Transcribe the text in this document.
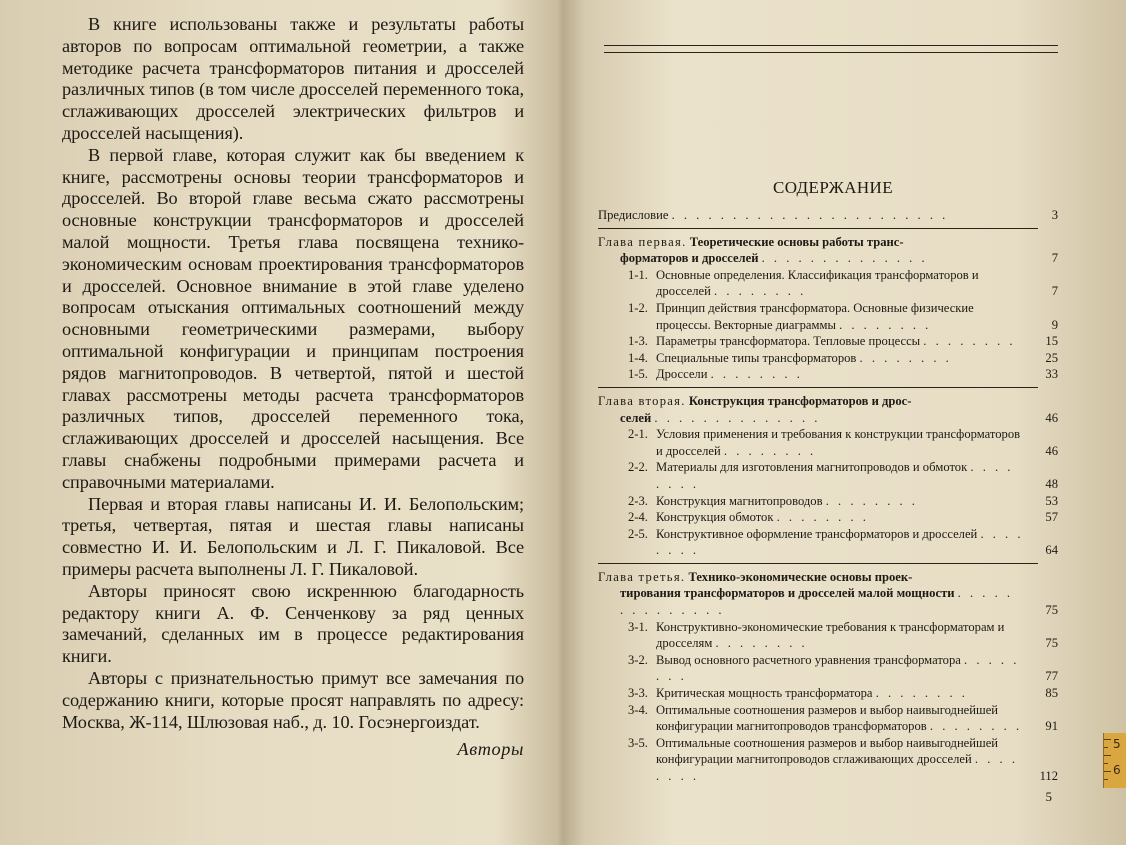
В книге использованы также и результаты работы авторов по вопросам оптимальной геометрии, а также методике расчета трансформаторов питания и дросселей различных типов (в том числе дросселей переменного тока, сглаживающих дросселей электрических фильтров и дросселей насыщения).

В первой главе, которая служит как бы введением к книге, рассмотрены основы теории трансформаторов и дросселей. Во второй главе весьма сжато рассмотрены основные конструкции трансформаторов и дросселей малой мощности. Третья глава посвящена технико-экономическим основам проектирования трансформаторов и дросселей. Основное внимание в этой главе уделено вопросам отыскания оптимальных соотношений между основными геометрическими размерами, выбору оптимальной конфигурации и принципам построения рядов магнитопроводов. В четвертой, пятой и шестой главах рассмотрены методы расчета трансформаторов различных типов, дросселей переменного тока, сглаживающих дросселей и дросселей насыщения. Все главы снабжены подробными примерами расчета и справочными материалами.

Первая и вторая главы написаны И. И. Белопольским; третья, четвертая, пятая и шестая главы написаны совместно И. И. Белопольским и Л. Г. Пикаловой. Все примеры расчета выполнены Л. Г. Пикаловой.

Авторы приносят свою искреннюю благодарность редактору книги А. Ф. Сенченкову за ряд ценных замечаний, сделанных им в процессе редактирования книги.

Авторы с признательностью примут все замечания по содержанию книги, которые просят направлять по адресу: Москва, Ж-114, Шлюзовая наб., д. 10. Госэнергоиздат.

Авторы

СОДЕРЖАНИЕ
Предисловие . . . . . . . . . . . . . . . . . . . . . . .	3
Глава первая. Теоретические основы работы транс-
форматоров и дросселей . . . . . . . . . . . . . .	7
1-1. Основные определения. Классификация трансформаторов и дросселей . . . . . . . .	7
1-2. Принцип действия трансформатора. Основные физические процессы. Векторные диаграммы . . . . . . . .	9
1-3. Параметры трансформатора. Тепловые процессы . . . . . . . .	15
1-4. Специальные типы трансформаторов . . . . . . . .	25
1-5. Дроссели . . . . . . . .	33
Глава вторая. Конструкция трансформаторов и дрос-
селей . . . . . . . . . . . . . .	46
2-1. Условия применения и требования к конструкции трансформаторов и дросселей . . . . . . . .	46
2-2. Материалы для изготовления магнитопроводов и обмоток . . . . . . . .	48
2-3. Конструкция магнитопроводов . . . . . . . .	53
2-4. Конструкция обмоток . . . . . . . .	57
2-5. Конструктивное оформление трансформаторов и дросселей . . . . . . . .	64
Глава третья. Технико-экономические основы проек-
тирования трансформаторов и дросселей малой мощности . . . . . . . . . . . . . .	75
3-1. Конструктивно-экономические требования к трансформаторам и дросселям . . . . . . . .	75
3-2. Вывод основного расчетного уравнения трансформатора . . . . . . . .	77
3-3. Критическая мощность трансформатора . . . . . . . .	85
3-4. Оптимальные соотношения размеров и выбор наивыгоднейшей конфигурации магнитопроводов трансформаторов . . . . . . . .	91
3-5. Оптимальные соотношения размеров и выбор наивыгоднейшей конфигурации магнитопроводов сглаживающих дросселей . . . . . . . .	112
5
5
6
